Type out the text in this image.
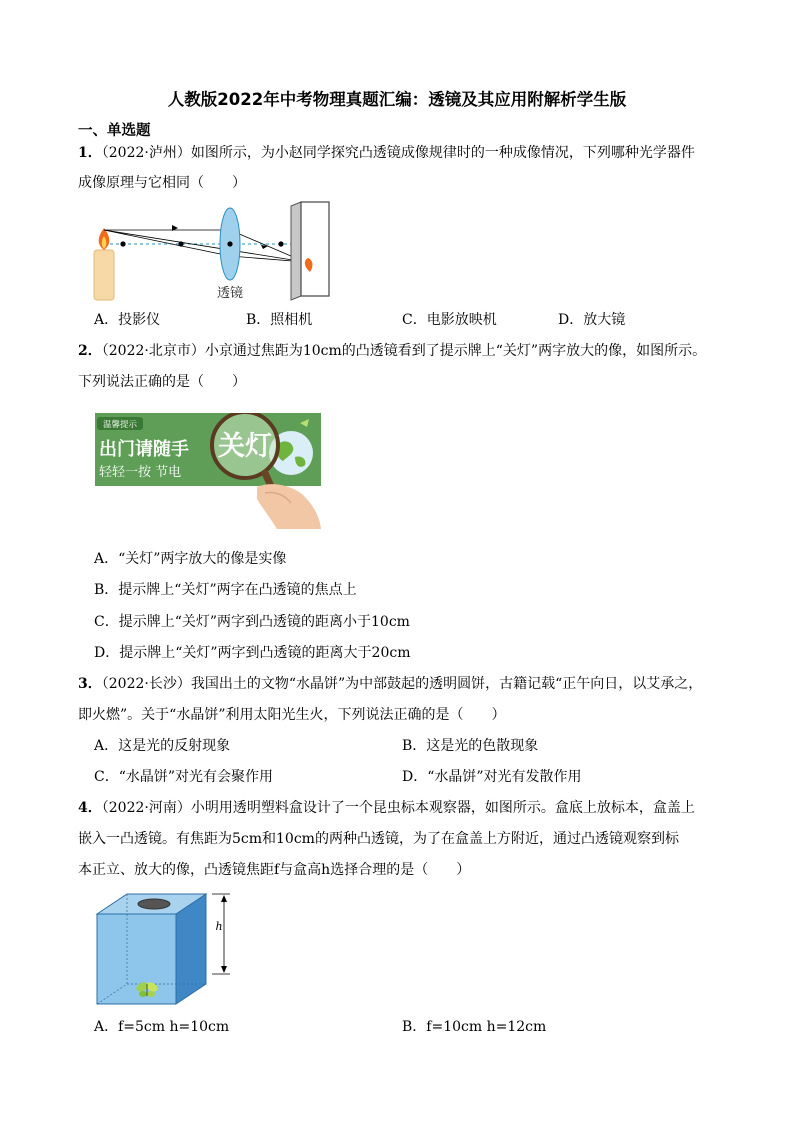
人教版2022年中考物理真题汇编：透镜及其应用附解析学生版
一、单选题
1．（2022·泸州）如图所示，为小赵同学探究凸透镜成像规律时的一种成像情况，下列哪种光学器件
成像原理与它相同（　　）
透镜
A．投影仪	B．照相机	C．电影放映机	D．放大镜
2．（2022·北京市）小京通过焦距为10cm的凸透镜看到了提示牌上“关灯”两字放大的像，如图所示。
下列说法正确的是（　　）
温馨提示
出门请随手
轻轻一按 节电
关灯
A．“关灯”两字放大的像是实像
B．提示牌上“关灯”两字在凸透镜的焦点上
C．提示牌上“关灯”两字到凸透镜的距离小于10cm
D．提示牌上“关灯”两字到凸透镜的距离大于20cm
3．（2022·长沙）我国出土的文物“水晶饼”为中部鼓起的透明圆饼，古籍记载“正午向日，以艾承之，
即火燃”。关于“水晶饼”利用太阳光生火，下列说法正确的是（　　）
A．这是光的反射现象	B．这是光的色散现象
C．“水晶饼”对光有会聚作用	D．“水晶饼”对光有发散作用
4．（2022·河南）小明用透明塑料盒设计了一个昆虫标本观察器，如图所示。盒底上放标本，盒盖上
嵌入一凸透镜。有焦距为5cm和10cm的两种凸透镜，为了在盒盖上方附近，通过凸透镜观察到标
本正立、放大的像，凸透镜焦距f与盒高h选择合理的是（　　）
h
A．f=5cm h=10cm	B．f=10cm h=12cm
